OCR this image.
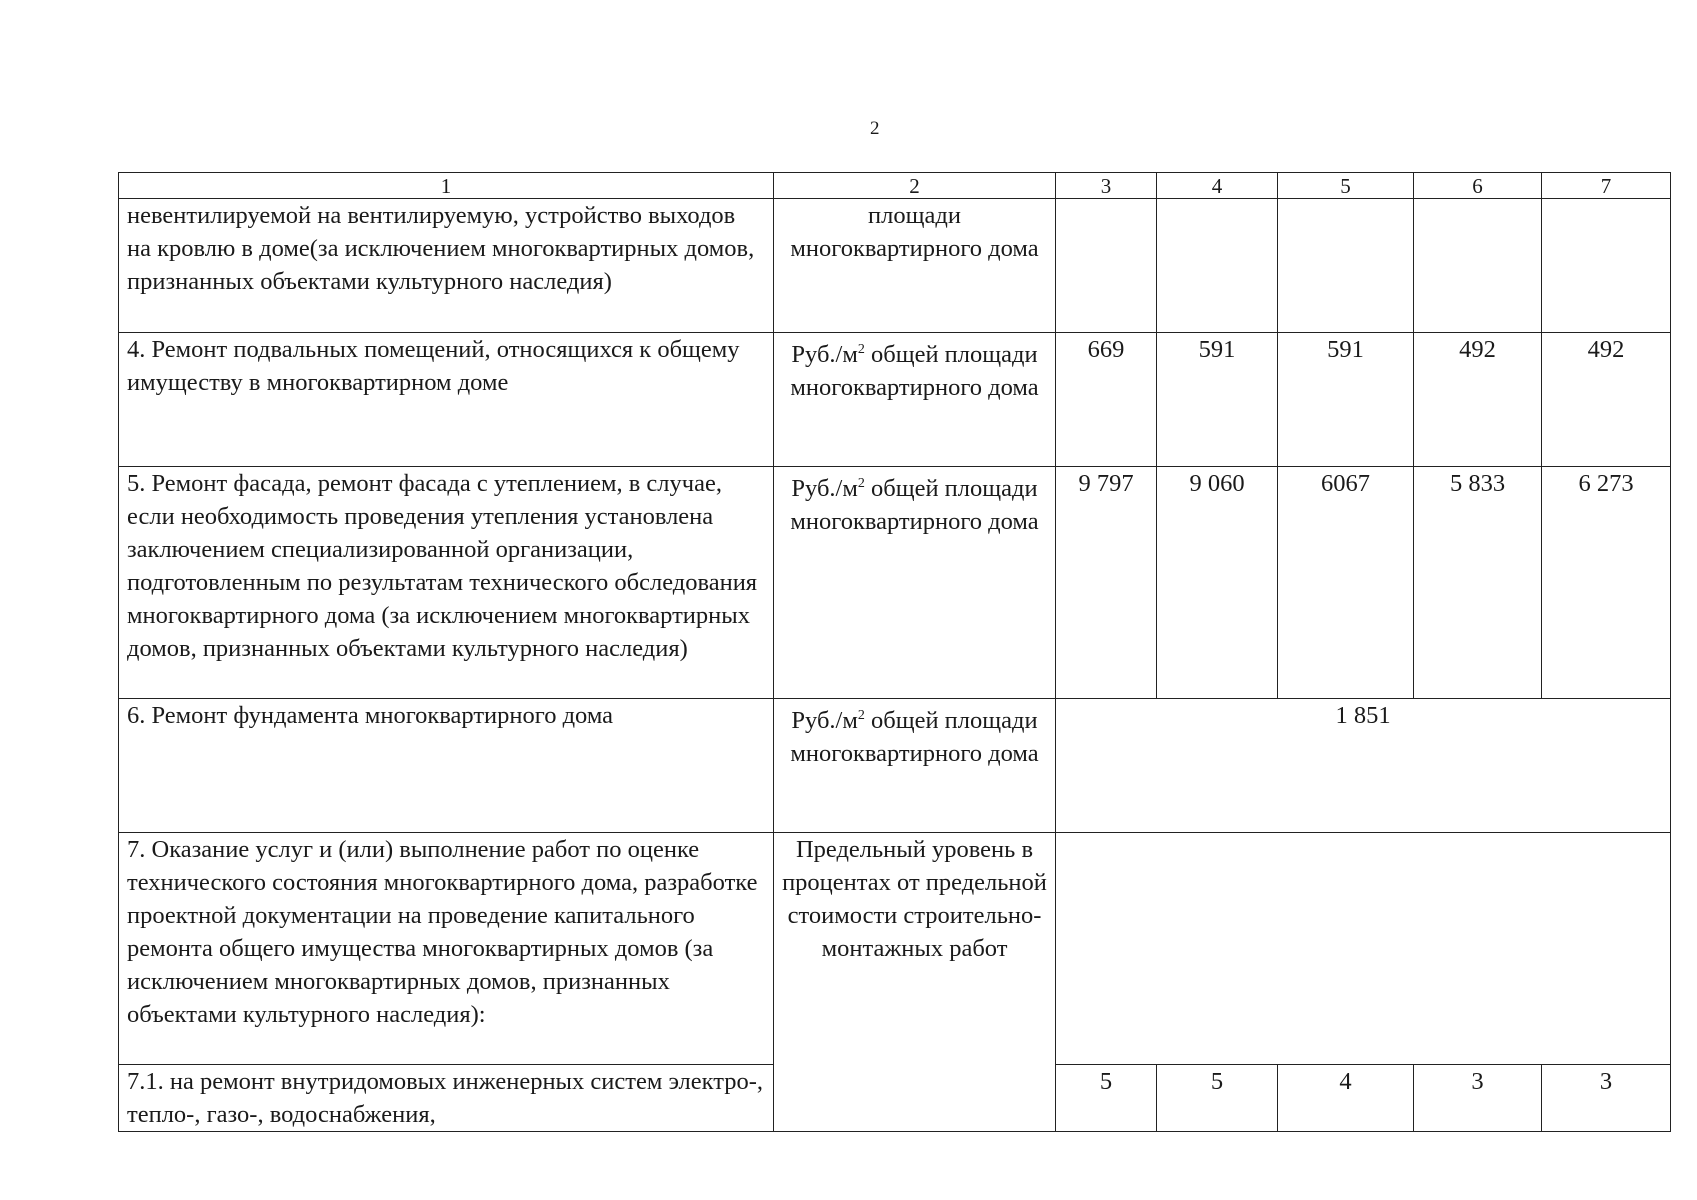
2
1	2	3	4	5	6	7
невентилируемой на вентилируемую, устройство выходов на кровлю в доме(за исключением многоквартирных домов, признанных объектами культурного наследия)	площади многоквартирного дома					
4. Ремонт подвальных помещений, относящихся к общему имуществу в многоквартирном доме	$Руб./м^2$ общей площади многоквартирного дома	669	591	591	492	492
5. Ремонт фасада, ремонт фасада с утеплением, в случае, если необходимость проведения утепления установлена заключением специализированной организации, подготовленным по результатам технического обследования многоквартирного дома (за исключением многоквартирных домов, признанных объектами культурного наследия)	$Руб./м^2$ общей площади многоквартирного дома	9 797	9 060	6067	5 833	6 273
6. Ремонт фундамента многоквартирного дома	$Руб./м^2$ общей площади многоквартирного дома	1 851				
7. Оказание услуг и (или) выполнение работ по оценке технического состояния многоквартирного дома, разработке проектной документации на проведение капитального ремонта общего имущества многоквартирных домов (за исключением многоквартирных домов, признанных объектами культурного наследия):	Предельный уровень в процентах от предельной стоимости строительно-монтажных работ					
7.1. на ремонт внутридомовых инженерных систем электро-, тепло-, газо-, водоснабжения,		5	5	4	3	3
